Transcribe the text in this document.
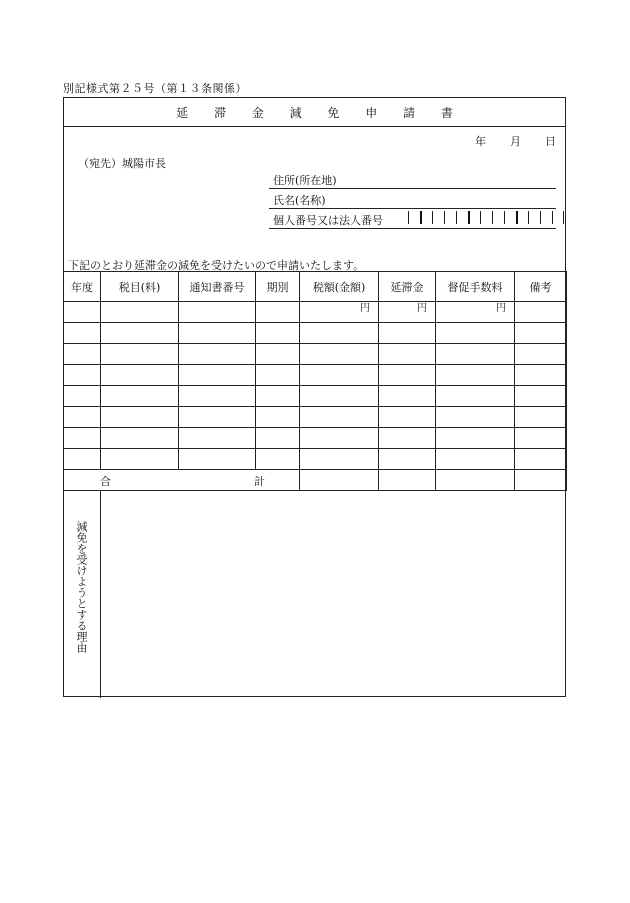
別記様式第２５号（第１３条関係）
延 滞 金 減 免 申 請 書
年 月 日
（宛先）城陽市長
住所(所在地)
氏名(名称)
個人番号又は法人番号
下記のとおり延滞金の減免を受けたいので申請いたします。
年度	税目(料)	通知書番号	期別	税額(金額)	延滞金	督促手数料	備考
				円	円	円	

合 計							

減免を受けようとする理由
